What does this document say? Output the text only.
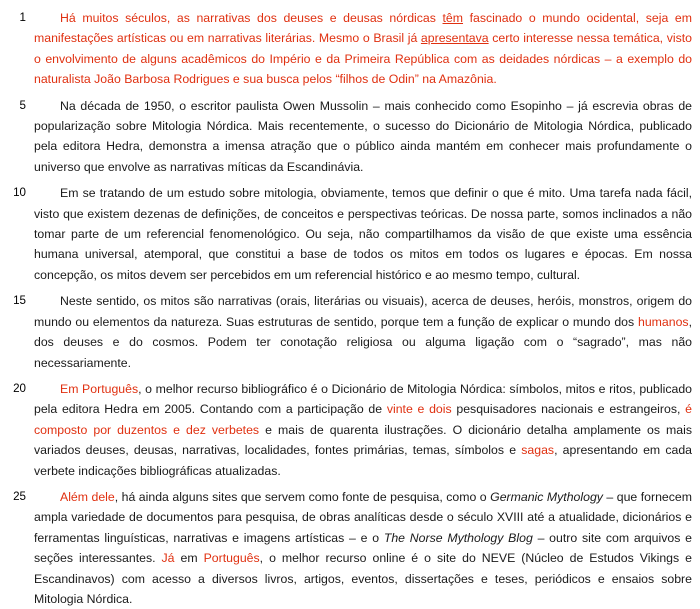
1	Há muitos séculos, as narrativas dos deuses e deusas nórdicas têm fascinado o mundo ocidental, seja em manifestações artísticas ou em narrativas literárias. Mesmo o Brasil já apresentava certo interesse nessa temática, visto o envolvimento de alguns acadêmicos do Império e da Primeira República com as deidades nórdicas – a exemplo do naturalista João Barbosa Rodrigues e sua busca pelos “filhos de Odin” na Amazônia.
5	Na década de 1950, o escritor paulista Owen Mussolin – mais conhecido como Esopinho – já escrevia obras de popularização sobre Mitologia Nórdica. Mais recentemente, o sucesso do Dicionário de Mitologia Nórdica, publicado pela editora Hedra, demonstra a imensa atração que o público ainda mantém em conhecer mais profundamente o universo que envolve as narrativas míticas da Escandinávia.
10	Em se tratando de um estudo sobre mitologia, obviamente, temos que definir o que é mito. Uma tarefa nada fácil, visto que existem dezenas de definições, de conceitos e perspectivas teóricas. De nossa parte, somos inclinados a não tomar parte de um referencial fenomenológico. Ou seja, não compartilhamos da visão de que existe uma essência humana universal, atemporal, que constitui a base de todos os mitos em todos os lugares e épocas. Em nossa concepção, os mitos devem ser percebidos em um referencial histórico e ao mesmo tempo, cultural.
15	Neste sentido, os mitos são narrativas (orais, literárias ou visuais), acerca de deuses, heróis, monstros, origem do mundo ou elementos da natureza. Suas estruturas de sentido, porque tem a função de explicar o mundo dos humanos, dos deuses e do cosmos. Podem ter conotação religiosa ou alguma ligação com o “sagrado”, mas não necessariamente.
20	Em Português, o melhor recurso bibliográfico é o Dicionário de Mitologia Nórdica: símbolos, mitos e ritos, publicado pela editora Hedra em 2005. Contando com a participação de vinte e dois pesquisadores nacionais e estrangeiros, é composto por duzentos e dez verbetes e mais de quarenta ilustrações. O dicionário detalha amplamente os mais variados deuses, deusas, narrativas, localidades, fontes primárias, temas, símbolos e sagas, apresentando em cada verbete indicações bibliográficas atualizadas.
25	Além dele, há ainda alguns sites que servem como fonte de pesquisa, como o Germanic Mythology – que fornecem ampla variedade de documentos para pesquisa, de obras analíticas desde o século XVIII até a atualidade, dicionários e ferramentas linguísticas, narrativas e imagens artísticas – e o The Norse Mythology Blog – outro site com arquivos e seções interessantes. Já em Português, o melhor recurso online é o site do NEVE (Núcleo de Estudos Vikings e Escandinavos) com acesso a diversos livros, artigos, eventos, dissertações e teses, periódicos e ensaios sobre Mitologia Nórdica.
